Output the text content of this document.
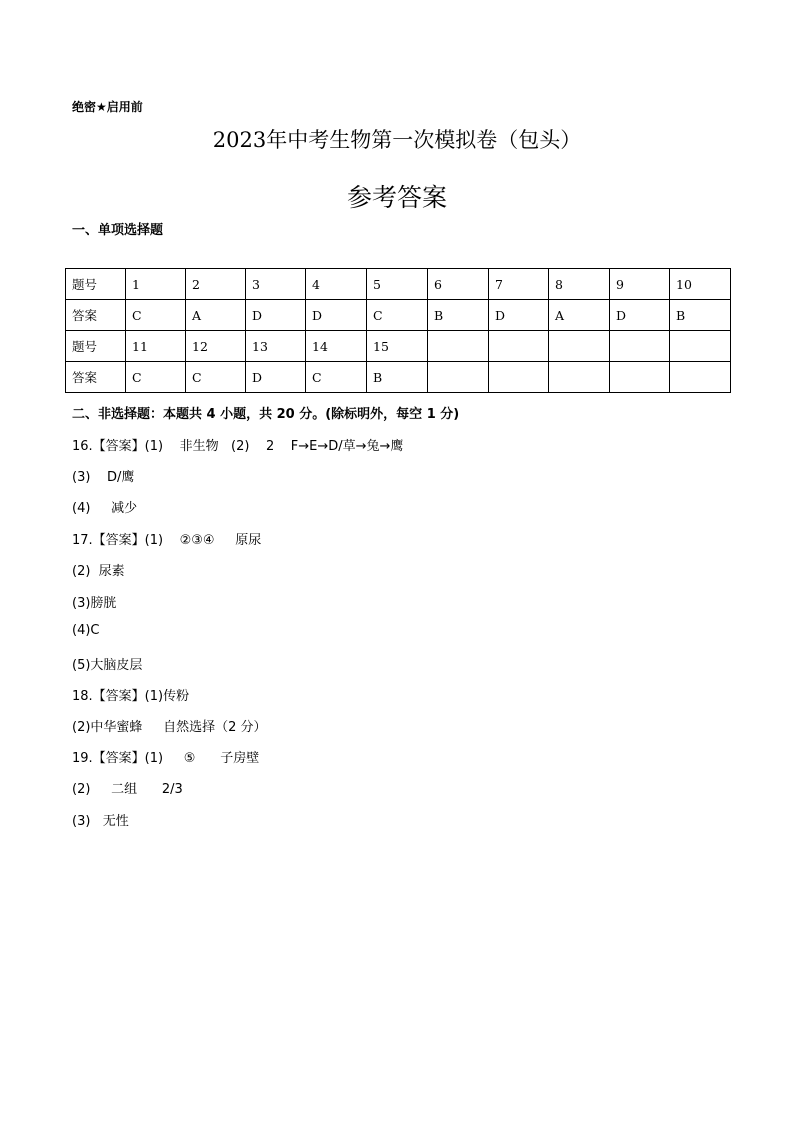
绝密★启用前
2023年中考生物第一次模拟卷（包头）
参考答案
一、单项选择题
题号	1	2	3	4	5	6	7	8	9	10
答案	C	A	D	D	C	B	D	A	D	B
题号	11	12	13	14	15					
答案	C	C	D	C	B					
二、非选择题：本题共 4 小题，共 20 分。(除标明外，每空 1 分)
16.【答案】(1)    非生物   (2)    2    F→E→D/草→兔→鹰
(3)    D/鹰
(4)     减少
17.【答案】(1)    ②③④     原尿
(2)  尿素
(3)膀胱
(4)C
(5)大脑皮层
18.【答案】(1)传粉
(2)中华蜜蜂     自然选择（2 分）
19.【答案】(1)     ⑤      子房壁
(2)     二组      2/3
(3)   无性
